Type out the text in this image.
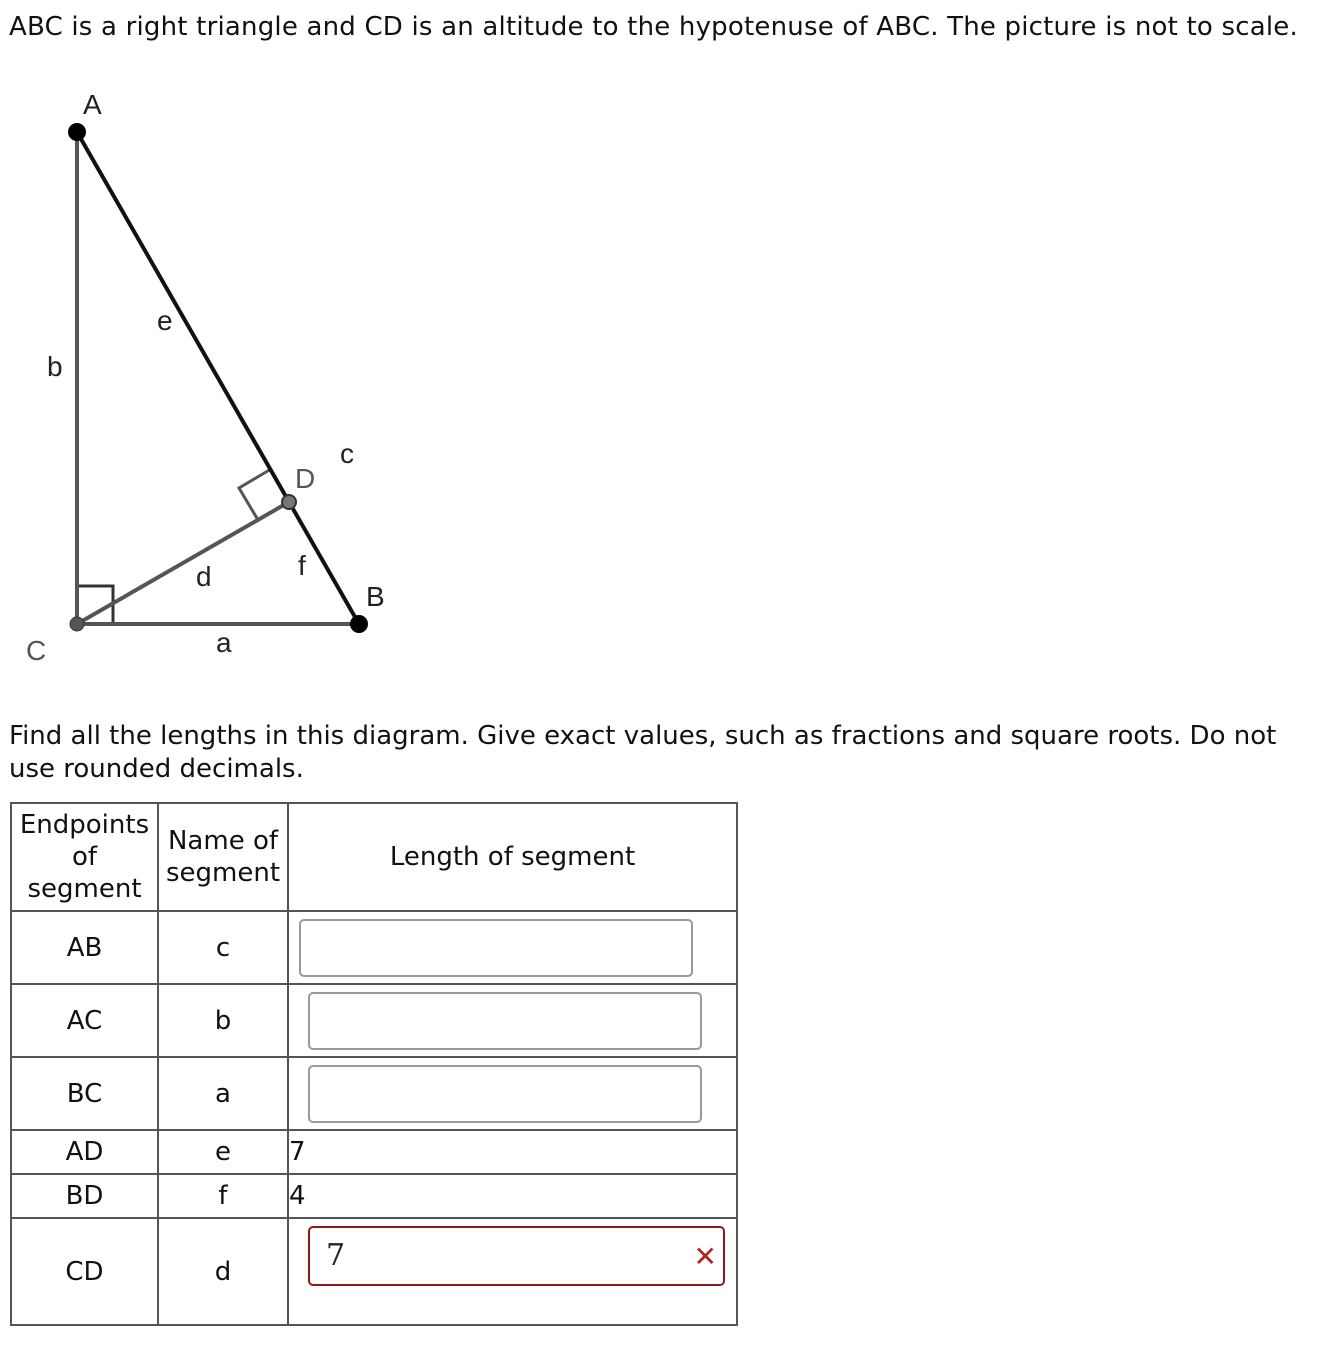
ABC is a right triangle and CD is an altitude to the hypotenuse of ABC. The picture is not to scale.
A
B
C
D
a
b
c
d
e
f
Find all the lengths in this diagram. Give exact values, such as fractions and square roots. Do not use rounded decimals.
Endpoints of segment	Name of segment	Length of segment
AB	c	

AC	b	

BC	a	

AD	e	7
BD	f	4
CD	d	7 ✕
